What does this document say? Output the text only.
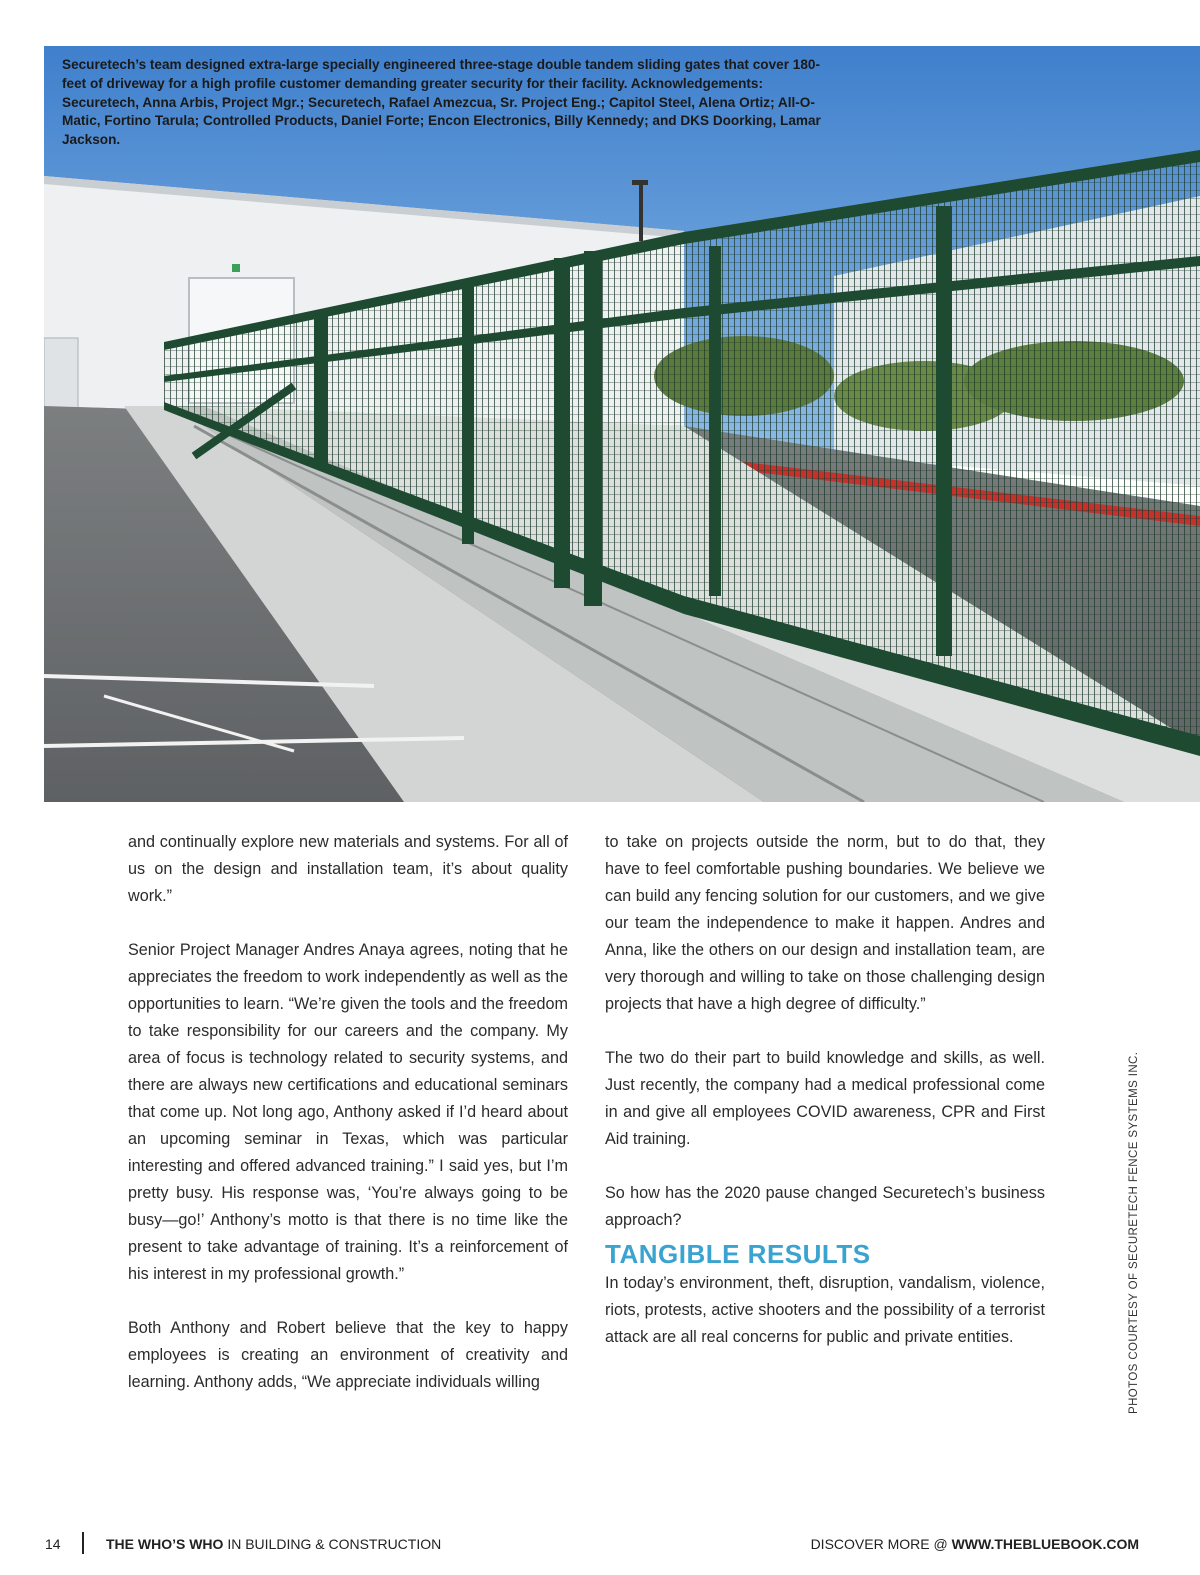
Securetech’s team designed extra-large specially engineered three-stage double tandem sliding gates that cover 180-feet of driveway for a high profile customer demanding greater security for their facility. Acknowledgements: Securetech, Anna Arbis, Project Mgr.; Securetech, Rafael Amezcua, Sr. Project Eng.; Capitol Steel, Alena Ortiz; All-O-Matic, Fortino Tarula; Controlled Products, Daniel Forte; Encon Electronics, Billy Kennedy; and DKS Doorking, Lamar Jackson.

and continually explore new materials and systems. For all of us on the design and installation team, it’s about quality work.”

Senior Project Manager Andres Anaya agrees, noting that he appreciates the freedom to work independently as well as the opportunities to learn. “We’re given the tools and the freedom to take responsibility for our careers and the company. My area of focus is technology related to security systems, and there are always new certifications and educational seminars that come up. Not long ago, Anthony asked if I’d heard about an upcoming seminar in Texas, which was particular interesting and offered advanced training.” I said yes, but I’m pretty busy. His response was, ‘You’re always going to be busy—go!’ Anthony’s motto is that there is no time like the present to take advantage of training. It’s a reinforcement of his interest in my professional growth.”

Both Anthony and Robert believe that the key to happy employees is creating an environment of creativity and learning. Anthony adds, “We appreciate individuals willing

to take on projects outside the norm, but to do that, they have to feel comfortable pushing boundaries. We believe we can build any fencing solution for our customers, and we give our team the independence to make it happen. Andres and Anna, like the others on our design and installation team, are very thorough and willing to take on those challenging design projects that have a high degree of difficulty.”

The two do their part to build knowledge and skills, as well. Just recently, the company had a medical professional come in and give all employees COVID awareness, CPR and First Aid training.

So how has the 2020 pause changed Securetech’s business approach?

TANGIBLE RESULTS

In today’s environment, theft, disruption, vandalism, violence, riots, protests, active shooters and the possibility of a terrorist attack are all real concerns for public and private entities.	PHOTOS COURTESY OF SECURETECH FENCE SYSTEMS INC.
14	THE WHO’S WHO IN BUILDING & CONSTRUCTION	DISCOVER MORE @ WWW.THEBLUEBOOK.COM
